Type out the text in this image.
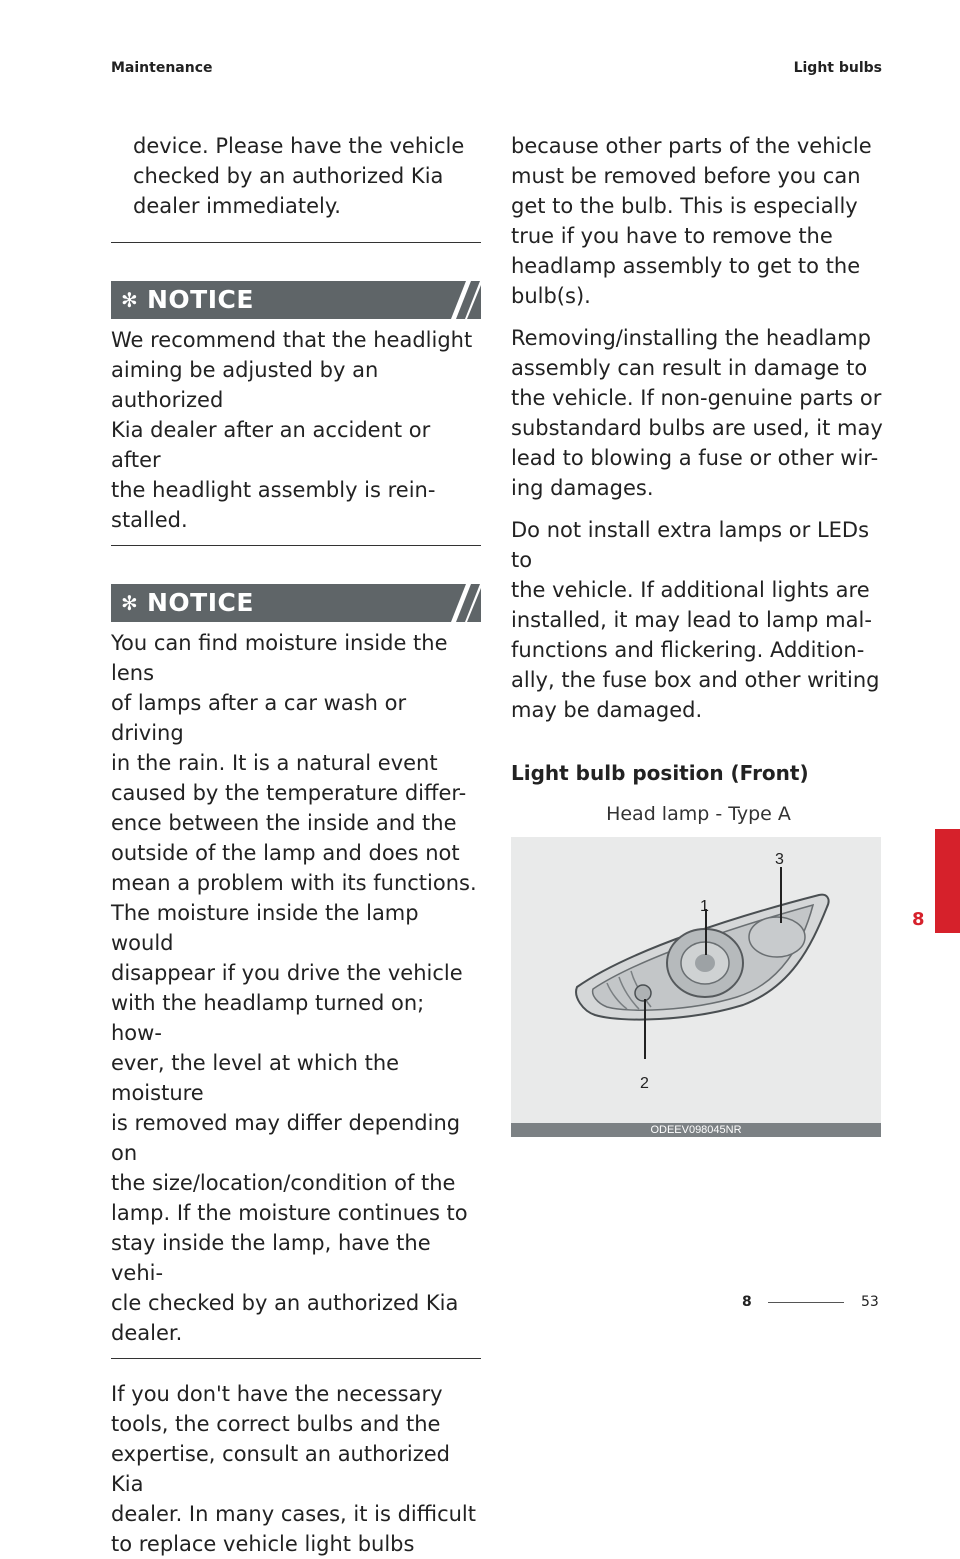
Maintenance	Light bulbs

device. Please have the vehicle

checked by an authorized Kia

dealer immediately.

✻ NOTICE

We recommend that the headlight

aiming be adjusted by an authorized

Kia dealer after an accident or after

the headlight assembly is rein-

stalled.

✻ NOTICE

You can find moisture inside the lens

of lamps after a car wash or driving

in the rain. It is a natural event

caused by the temperature differ-

ence between the inside and the

outside of the lamp and does not

mean a problem with its functions.

The moisture inside the lamp would

disappear if you drive the vehicle

with the headlamp turned on; how-

ever, the level at which the moisture

is removed may differ depending on

the size/location/condition of the

lamp. If the moisture continues to

stay inside the lamp, have the vehi-

cle checked by an authorized Kia

dealer.

If you don't have the necessary

tools, the correct bulbs and the

expertise, consult an authorized Kia

dealer. In many cases, it is difficult

to replace vehicle light bulbs

because other parts of the vehicle

must be removed before you can

get to the bulb. This is especially

true if you have to remove the

headlamp assembly to get to the

bulb(s).

Removing/installing the headlamp

assembly can result in damage to

the vehicle. If non-genuine parts or

substandard bulbs are used, it may

lead to blowing a fuse or other wir-

ing damages.

Do not install extra lamps or LEDs to

the vehicle. If additional lights are

installed, it may lead to lamp mal-

functions and flickering. Addition-

ally, the fuse box and other writing

may be damaged.

Light bulb position (Front)
Head lamp - Type A
1
3
2
ODEEV098045NR
8
8	53
